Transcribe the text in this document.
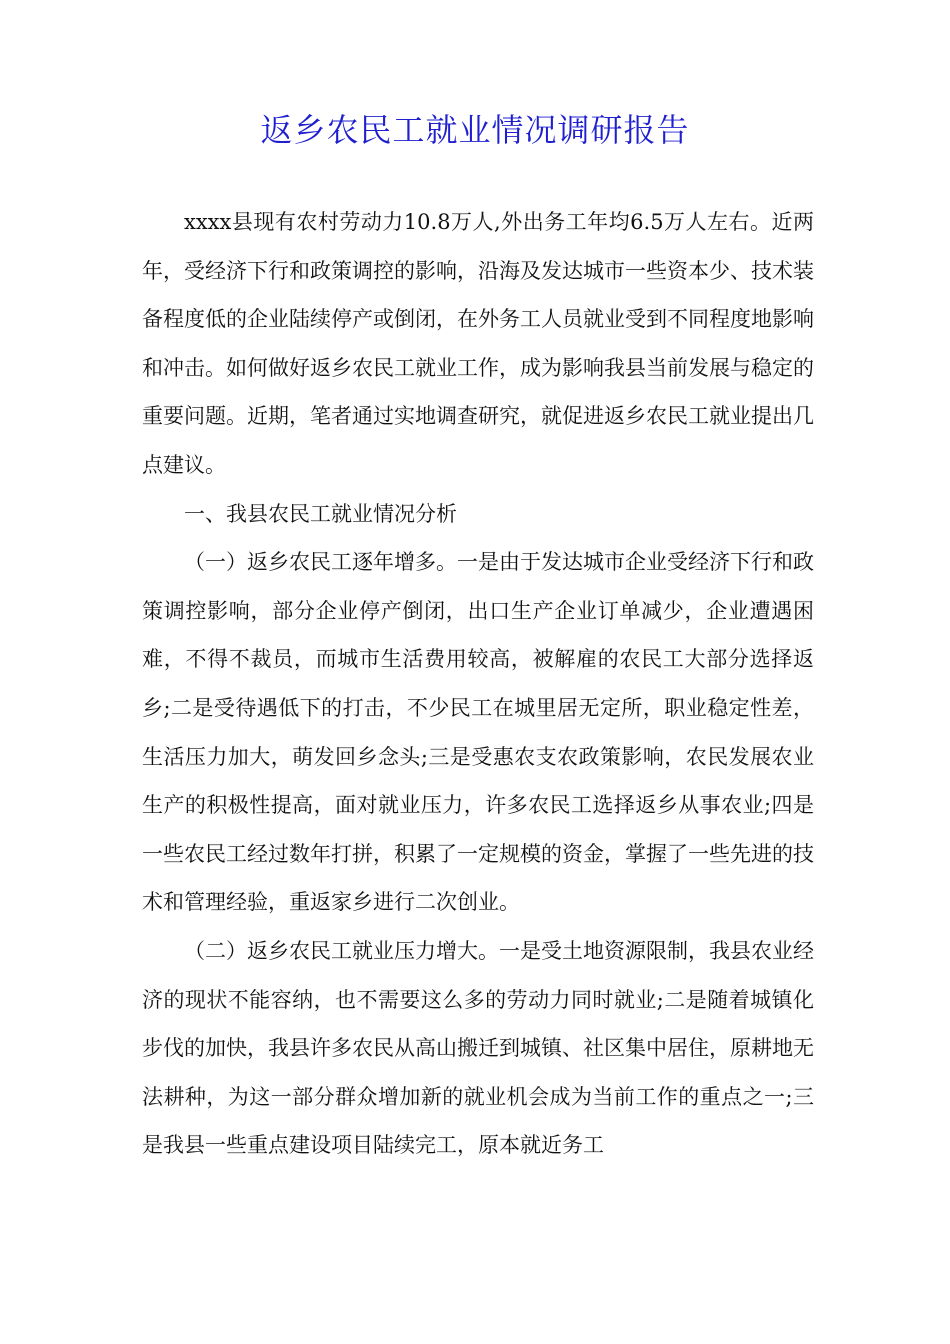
返乡农民工就业情况调研报告

xxxx县现有农村劳动力10.8万人,外出务工年均6.5万人左右。近两年，受经济下行和政策调控的影响，沿海及发达城市一些资本少、技术装备程度低的企业陆续停产或倒闭，在外务工人员就业受到不同程度地影响和冲击。如何做好返乡农民工就业工作，成为影响我县当前发展与稳定的重要问题。近期，笔者通过实地调查研究，就促进返乡农民工就业提出几点建议。

一、我县农民工就业情况分析

（一）返乡农民工逐年增多。一是由于发达城市企业受经济下行和政策调控影响，部分企业停产倒闭，出口生产企业订单减少，企业遭遇困难，不得不裁员，而城市生活费用较高，被解雇的农民工大部分选择返乡;二是受待遇低下的打击，不少民工在城里居无定所，职业稳定性差，生活压力加大，萌发回乡念头;三是受惠农支农政策影响，农民发展农业生产的积极性提高，面对就业压力，许多农民工选择返乡从事农业;四是一些农民工经过数年打拼，积累了一定规模的资金，掌握了一些先进的技术和管理经验，重返家乡进行二次创业。

（二）返乡农民工就业压力增大。一是受土地资源限制，我县农业经济的现状不能容纳，也不需要这么多的劳动力同时就业;二是随着城镇化步伐的加快，我县许多农民从高山搬迁到城镇、社区集中居住，原耕地无法耕种，为这一部分群众增加新的就业机会成为当前工作的重点之一;三是我县一些重点建设项目陆续完工，原本就近务工
